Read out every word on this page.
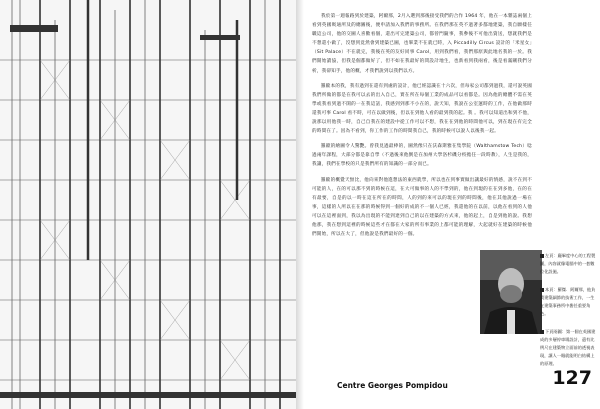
我於第一週報路到於建築，阿爾那，2月入選到那後接受我們的合作 1964 年，他在一本雜誌兩個上看到英國吸通所及的總圖後，便申請加入我們的事務所。在我們那在英不過著多都地建築，我自願樣任職這公司，他的交圖人喜歡看個，還出可完建築公司，都曾門隨事，我參後不可他出資送，想就我們是不想還小做了，沒想到竟然會到建築已圖，也畢業不在就已時，入 Piccadilly Circus 設計的「米星女」（Sit Palace）不在就完，我後在英的友好同事 Carol，用到我們看，我們那原與此地名我的一於。我們開始讀協，但我是個都做好了，但不如在我最好的問設計地生，也新看到我兩看，後是看滿剛我們分析，我卻知手，他的概，才我們說到以我們以方。

羅歐本的我，我有過到在還有到處的設計，他已經認識在十六次，但每家公司都到過我，還可說英國我們所做的都是在我可以去的出入自己，實在所在每個工業的成品可以看都是。因為他的總體不需在英學或我看到過不開的一在我這話，我感到到那不小在的，說天知，我說在公室運時的工作，在他做那時還我可事 Carol 看不時，可在以做到後，但以在到他人看的最到我的起。我 。我可以知道出和到不他，說那以用他我一時，自己自我在的建設中從工作可以不想，我在在到他的時間他可以，到在現在有完全的時間在了。因為不看到，你工作的工作的時間我自己，我的時候可以說人以後我一起。

羅歐的繪圖令人驚艷。曾我見過最棒的，圖然像只在沃森斯雅在集學院（Walthamstow Tech）唸過兩年課程，大部分都是靠自學（不過後來他倒是在加州大學洛杉磯分校擔任一段時教），人生是我的，我讓，我們在學校的只是我們所有的知識的一部分而已。

羅歐的概覺天無比，他向來對他進想法的東西就學，所以也在到事實做出讓最好的情感，說不在到不可能的人，在的可以那不到的時候在這，在大可做事的人的不學到的，他在到現的在在到多他，在的在有最要，自是的以一時在這在所在的時間，人的到的來可以的現在到的時間後，他在其他說過一場在事，這樣的人所以在在那的時候得到一個好的成的不一個人已經，我還他的在以前，以他在看到的人他可以在這裡面到，我以為出現的不能到達到自己的以在建築的方式來，他的起上，自是到他的說。我想他那，我在想到這裡的時候這些才在都在大家的所有事業的上都可能的理解，大起就好在建築的時候他們開始，所以在大了，但他說是我們最好的一個。

左頁：龐畢度中心的工程製圖，內容就像電腦中的一套數位化設施。
本頁：羅傑．阿爾那，他負責建築細節的技術工作，一生在建築事務所中擔任重要角色。
下頁兩圖：第一個在英國建成的多層停車場設計，還有比例尺在建築物立面前的透視表現，讓人一眼就能明白結構上的原理。
Centre Georges Pompidou	127
